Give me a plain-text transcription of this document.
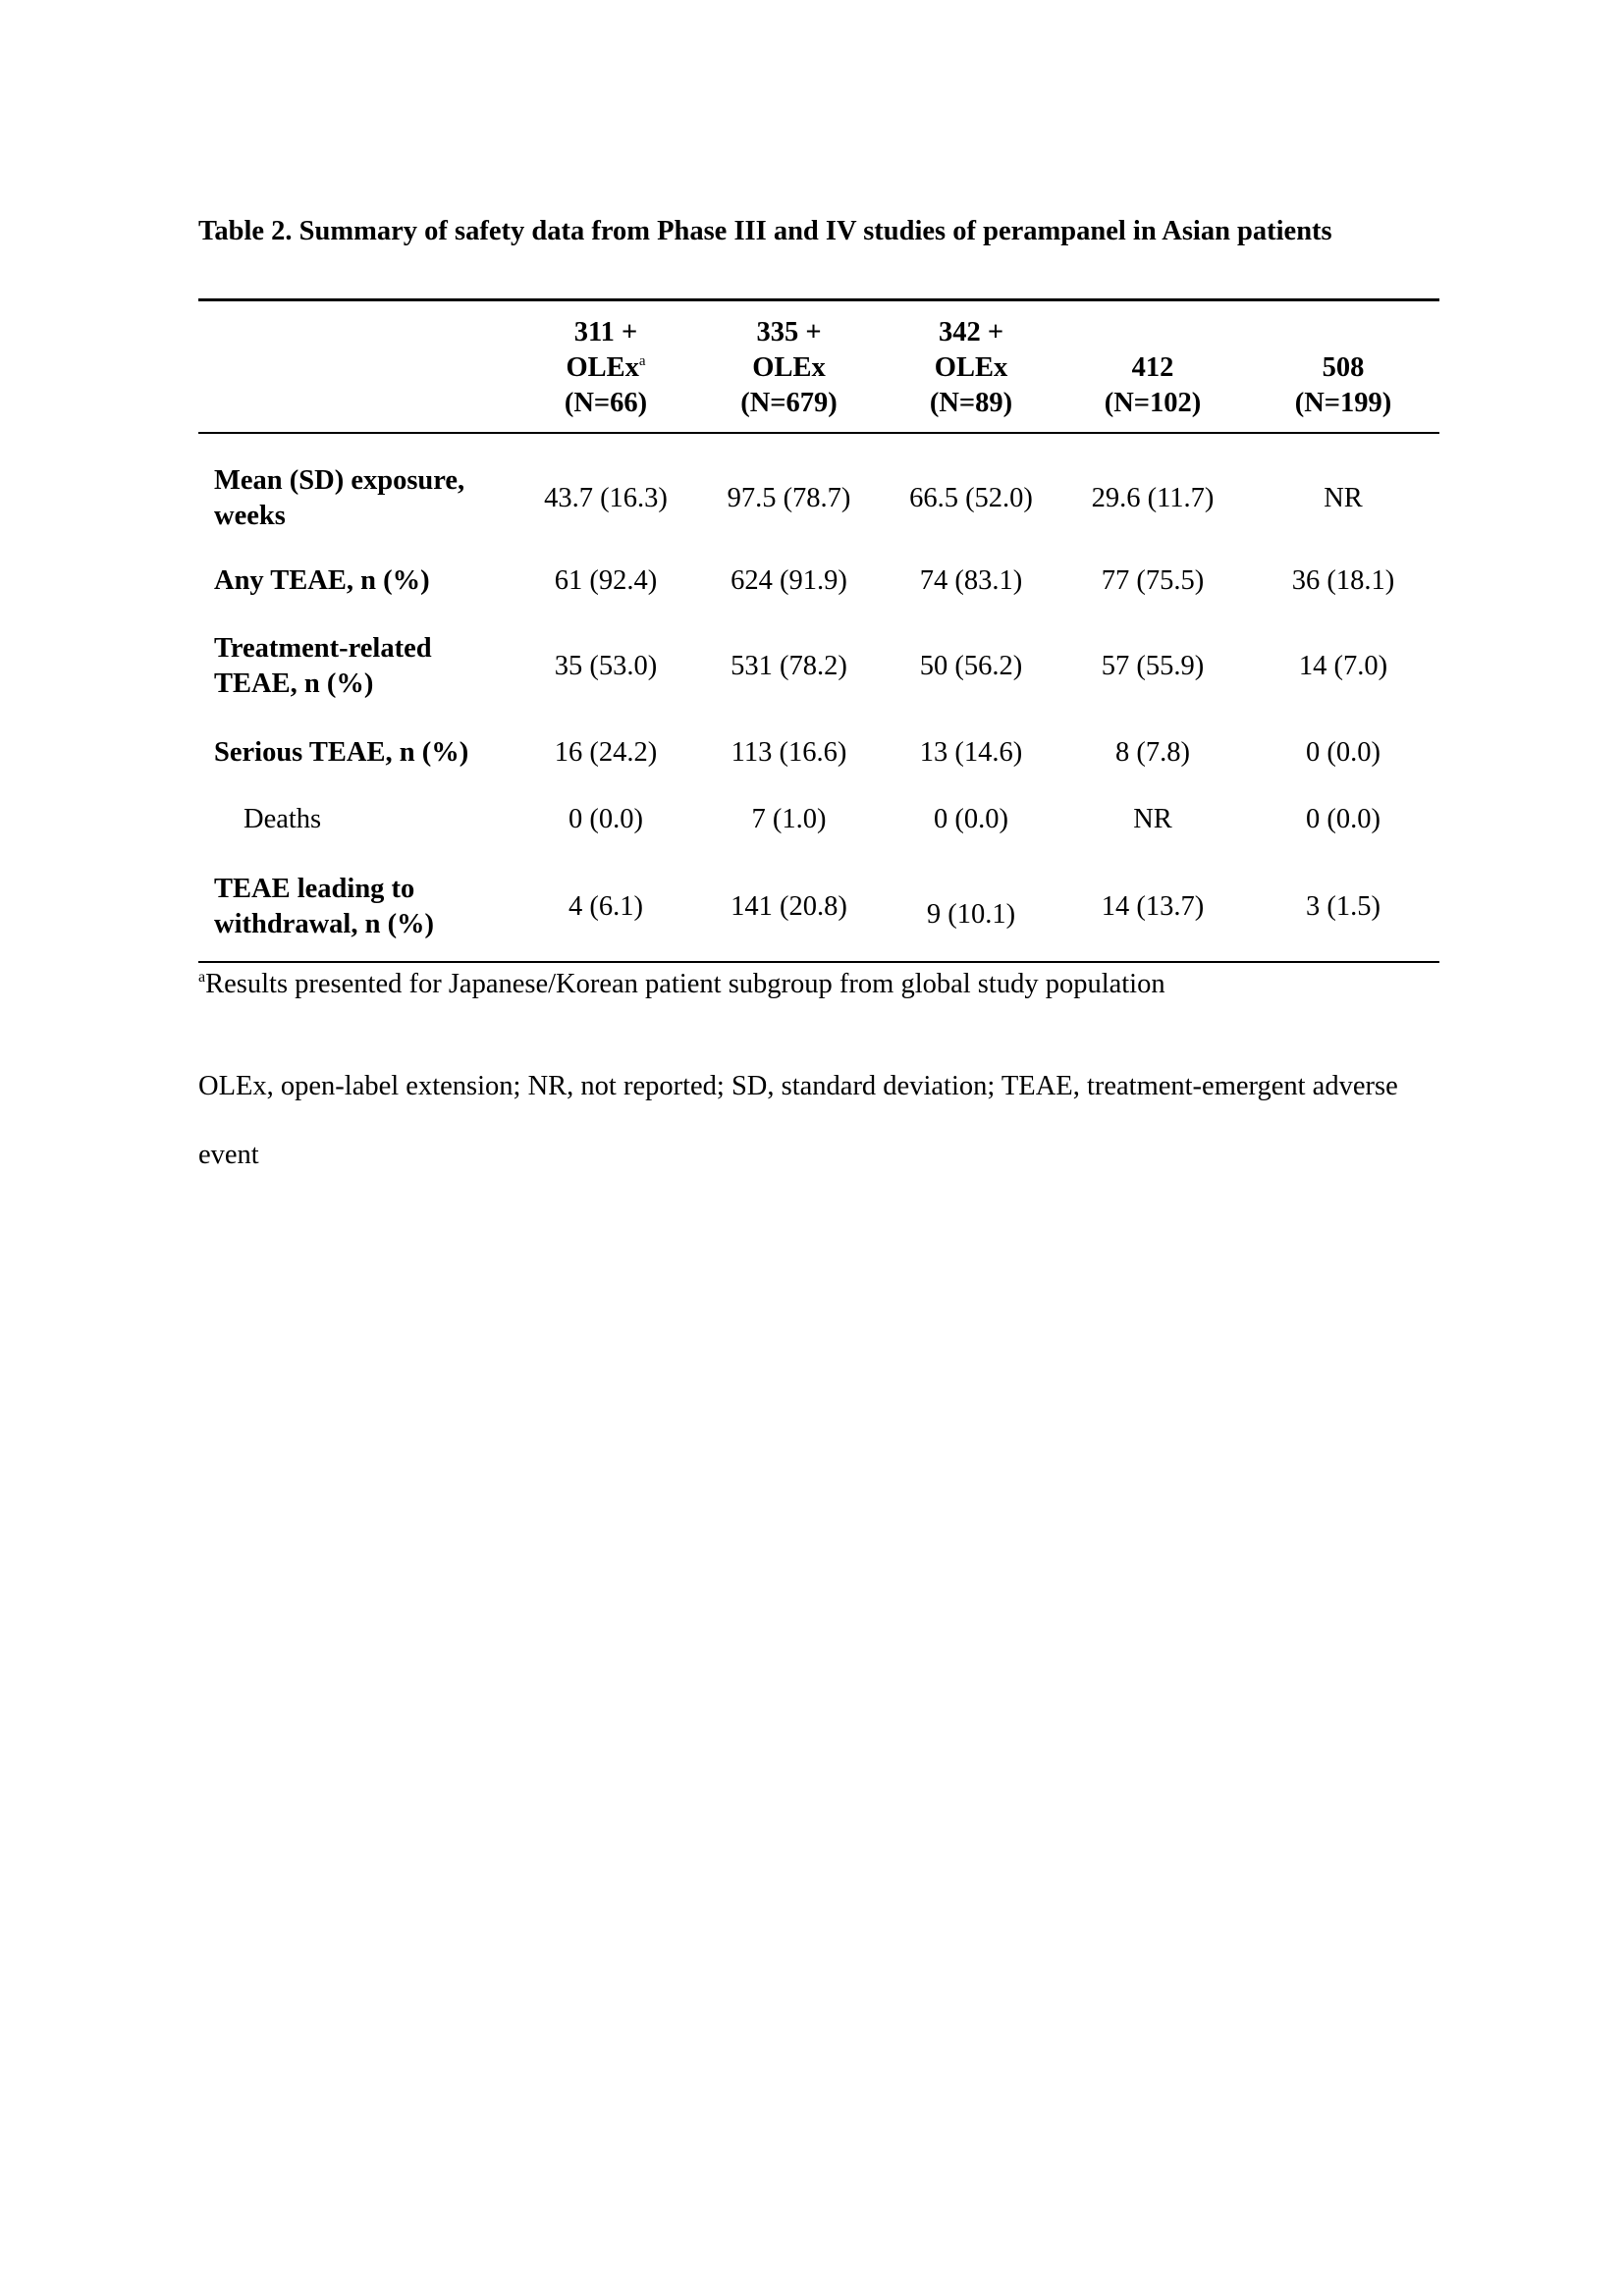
Table 2. Summary of safety data from Phase III and IV studies of perampanel in Asian patients

	311 +
OLEx$^a$
(N=66)	335 +
OLEx
(N=679)	342 +
OLEx
(N=89)	412
(N=102)	508
(N=199)

Mean (SD) exposure,
weeks	43.7 (16.3)	97.5 (78.7)	66.5 (52.0)	29.6 (11.7)	NR
Any TEAE, n (%)	61 (92.4)	624 (91.9)	74 (83.1)	77 (75.5)	36 (18.1)

Treatment-related
TEAE, n (%)	35 (53.0)	531 (78.2)	50 (56.2)	57 (55.9)	14 (7.0)
Serious TEAE, n (%)	16 (24.2)	113 (16.6)	13 (14.6)	8 (7.8)	0 (0.0)
Deaths	0 (0.0)	7 (1.0)	0 (0.0)	NR	0 (0.0)

TEAE leading to
withdrawal, n (%)	4 (6.1)	141 (20.8)	9 (10.1)	14 (13.7)	3 (1.5)
$^a$Results presented for Japanese/Korean patient subgroup from global study population
OLEx, open-label extension; NR, not reported; SD, standard deviation; TEAE, treatment-emergent adverse event
